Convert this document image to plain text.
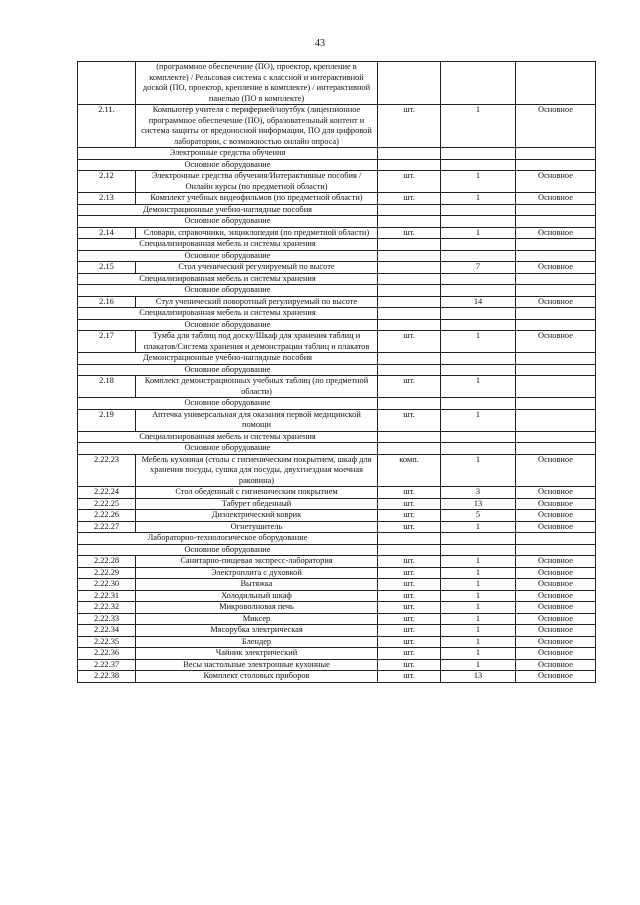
43
	(программное обеспечение (ПО), проектор, крепление в комплекте) / Рельсовая система с классной и интерактивной доской (ПО, проектор, крепление в комплекте) / интерактивной панелью (ПО в комплекте)			
2.11.	Компьютер учителя с периферией/ноутбук (лицензионное программное обеспечение (ПО), образовательный контент и система защиты от вредоносной информации, ПО для цифровой лаборатории, с возможностью онлайн опроса)	шт.	1	Основное
Электронные средства обучения				
Основное оборудование				
2.12	Электронные средства обучения/Интерактивные пособия / Онлайн курсы (по предметной области)	шт.	1	Основное
2.13	Комплект учебных видеофильмов (по предметной области)	шт.	1	Основное
Демонстрационные учебно-наглядные пособия				
Основное оборудование				
2.14	Словари, справочники, энциклопедия (по предметной области)	шт.	1	Основное
Специализированная мебель и системы хранения				
Основное оборудование				
2.15	Стол ученический регулируемый по высоте		7	Основное
Специализированная мебель и системы хранения				
Основное оборудование				
2.16	Стул ученический поворотный регулируемый по высоте		14	Основное
Специализированная мебель и системы хранения				
Основное оборудование				
2.17	Тумба для таблиц под доску/Шкаф для хранения таблиц и плакатов/Система хранения и демонстрации таблиц и плакатов	шт.	1	Основное
Демонстрационные учебно-наглядные пособия				
Основное оборудование				
2.18	Комплект демонстрационных учебных таблиц (по предметной области)	шт.	1	
Основное оборудование				
2.19	Аптечка универсальная для оказания первой медицинской помощи	шт.	1	
Специализированная мебель и системы хранения				
Основное оборудование				
2.22.23	Мебель кухонная (столы с гигиеническим покрытием, шкаф для хранения посуды, сушка для посуды, двухгнездная моечная раковина)	комп.	1	Основное
2.22.24	Стол обеденный с гигиеническим покрытием	шт.	3	Основное
2.22.25	Табурет обеденный	шт.	13	Основное
2.22.26	Диэлектрический коврик	шт.	5	Основное
2.22.27	Огнетушитель	шт.	1	Основное
Лабораторно-технологическое оборудование				
Основное оборудование				
2.22.28	Санитарно-пищевая экспресс-лаборатория	шт.	1	Основное
2.22.29	Электроплита с духовкой	шт.	1	Основное
2.22.30	Вытяжка	шт.	1	Основное
2.22.31	Холодильный шкаф	шт.	1	Основное
2.22.32	Микроволновая печь	шт.	1	Основное
2.22.33	Миксер	шт.	1	Основное
2.22.34	Мясорубка электрическая	шт.	1	Основное
2.22.35	Блендер	шт.	1	Основное
2.22.36	Чайник электрический	шт.	1	Основное
2.22.37	Весы настольные электронные кухонные	шт.	1	Основное
2.22.38	Комплект столовых приборов	шт.	13	Основное
